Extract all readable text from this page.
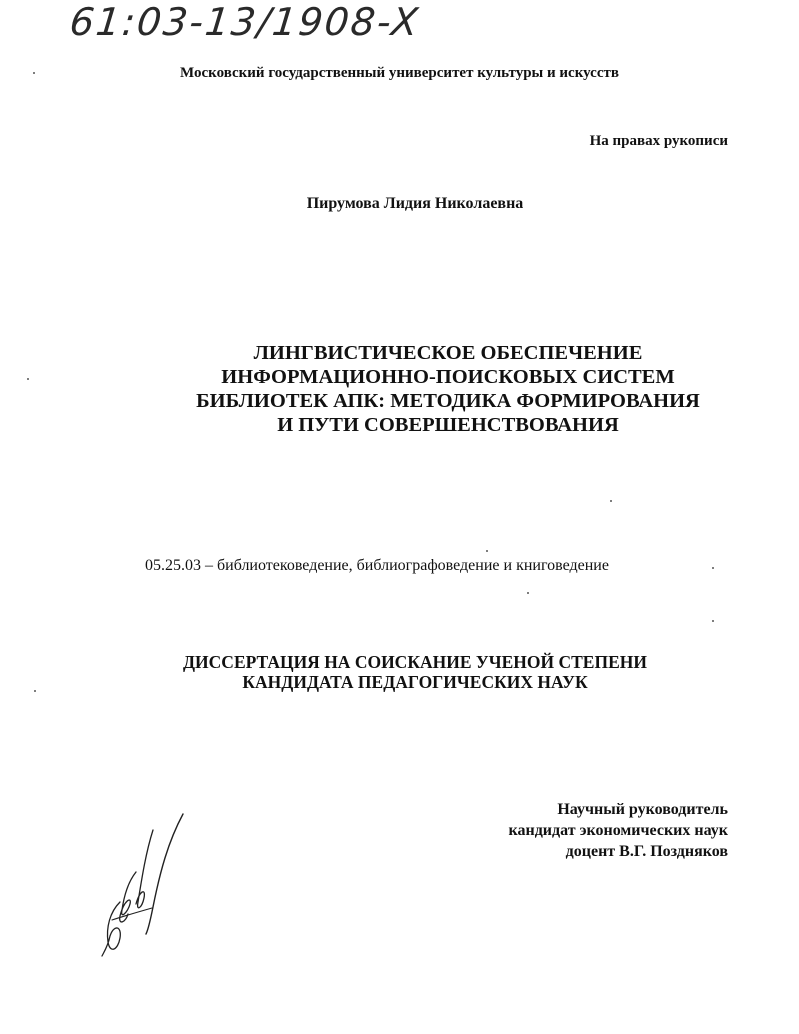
61:03-13/1908-X
Московский государственный университет культуры и искусств
На правах рукописи
Пирумова Лидия Николаевна
ЛИНГВИСТИЧЕСКОЕ ОБЕСПЕЧЕНИЕ
ИНФОРМАЦИОННО-ПОИСКОВЫХ СИСТЕМ
БИБЛИОТЕК АПК: МЕТОДИКА ФОРМИРОВАНИЯ
И ПУТИ СОВЕРШЕНСТВОВАНИЯ
05.25.03 – библиотековедение, библиографоведение и книговедение
ДИССЕРТАЦИЯ НА СОИСКАНИЕ УЧЕНОЙ СТЕПЕНИ
КАНДИДАТА ПЕДАГОГИЧЕСКИХ НАУК
Научный руководитель
кандидат экономических наук
доцент В.Г. Поздняков
